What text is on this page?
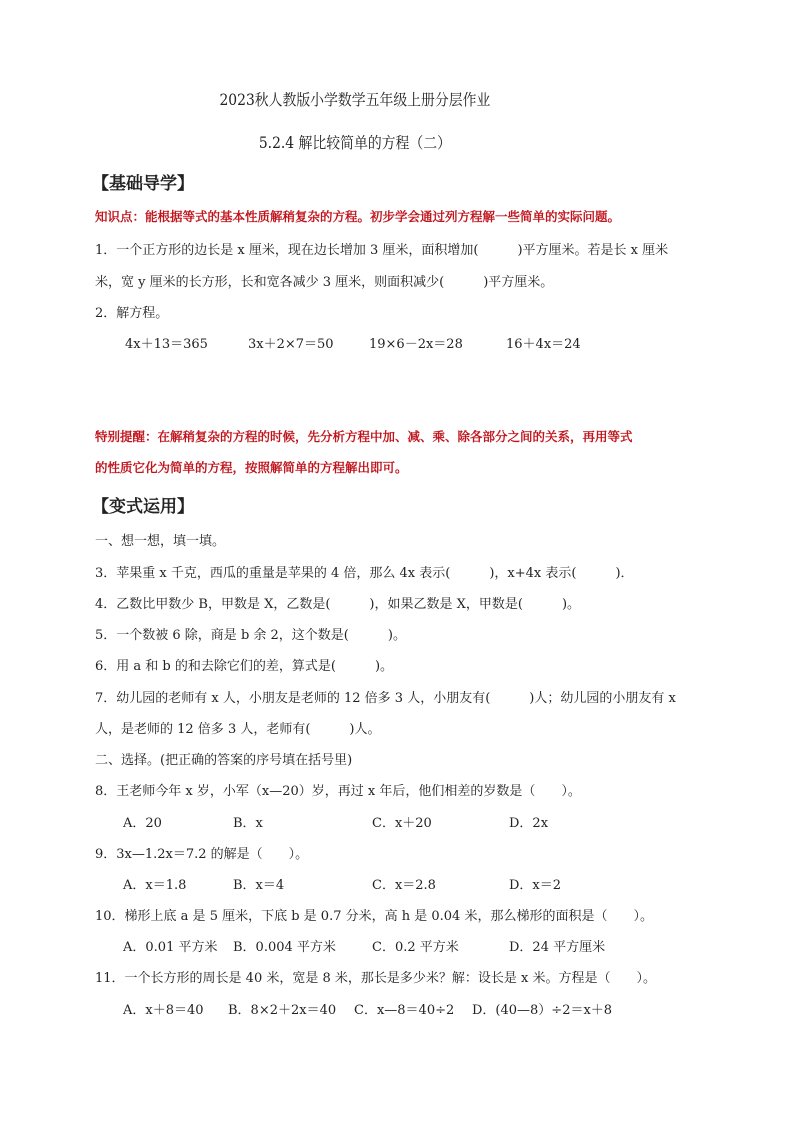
2023秋人教版小学数学五年级上册分层作业
5.2.4 解比较简单的方程（二）
【基础导学】
知识点：能根据等式的基本性质解稍复杂的方程。初步学会通过列方程解一些简单的实际问题。
1．一个正方形的边长是 x 厘米，现在边长增加 3 厘米，面积增加(　　　)平方厘米。若是长 x 厘米
米，宽 y 厘米的长方形，长和宽各减少 3 厘米，则面积减少(　　　)平方厘米。
2．解方程。
4x＋13＝365	3x＋2×7＝50	19×6－2x＝28	16＋4x＝24
特别提醒：在解稍复杂的方程的时候，先分析方程中加、减、乘、除各部分之间的关系，再用等式
的性质它化为简单的方程，按照解简单的方程解出即可。
【变式运用】
一、想一想，填一填。
3．苹果重 x 千克，西瓜的重量是苹果的 4 倍，那么 4x 表示(　　　)，x+4x 表示(　　　)．
4．乙数比甲数少 B，甲数是 X，乙数是(　　　)，如果乙数是 X，甲数是(　　　)。
5．一个数被 6 除，商是 b 余 2，这个数是(　　　)。
6．用 a 和 b 的和去除它们的差，算式是(　　　)。
7．幼儿园的老师有 x 人，小朋友是老师的 12 倍多 3 人，小朋友有(　　　)人；幼儿园的小朋友有 x
人，是老师的 12 倍多 3 人，老师有(　　　)人。
二、选择。(把正确的答案的序号填在括号里)
8．王老师今年 x 岁，小军（x—20）岁，再过 x 年后，他们相差的岁数是（　　）。
A．20	B．x	C．x＋20	D．2x
9．3x—1.2x＝7.2 的解是（　　）。
A．x＝1.8	B．x＝4	C．x＝2.8	D．x＝2
10．梯形上底 a 是 5 厘米，下底 b 是 0.7 分米，高 h 是 0.04 米，那么梯形的面积是（　　）。
A．0.01 平方米 B．0.004 平方米	C．0.2 平方米	D．24 平方厘米
11．一个长方形的周长是 40 米，宽是 8 米，那长是多少米？解：设长是 x 米。方程是（　　）。
A．x＋8＝40 B．8×2＋2x＝40 C．x—8＝40÷2 D．(40—8）÷2＝x＋8
